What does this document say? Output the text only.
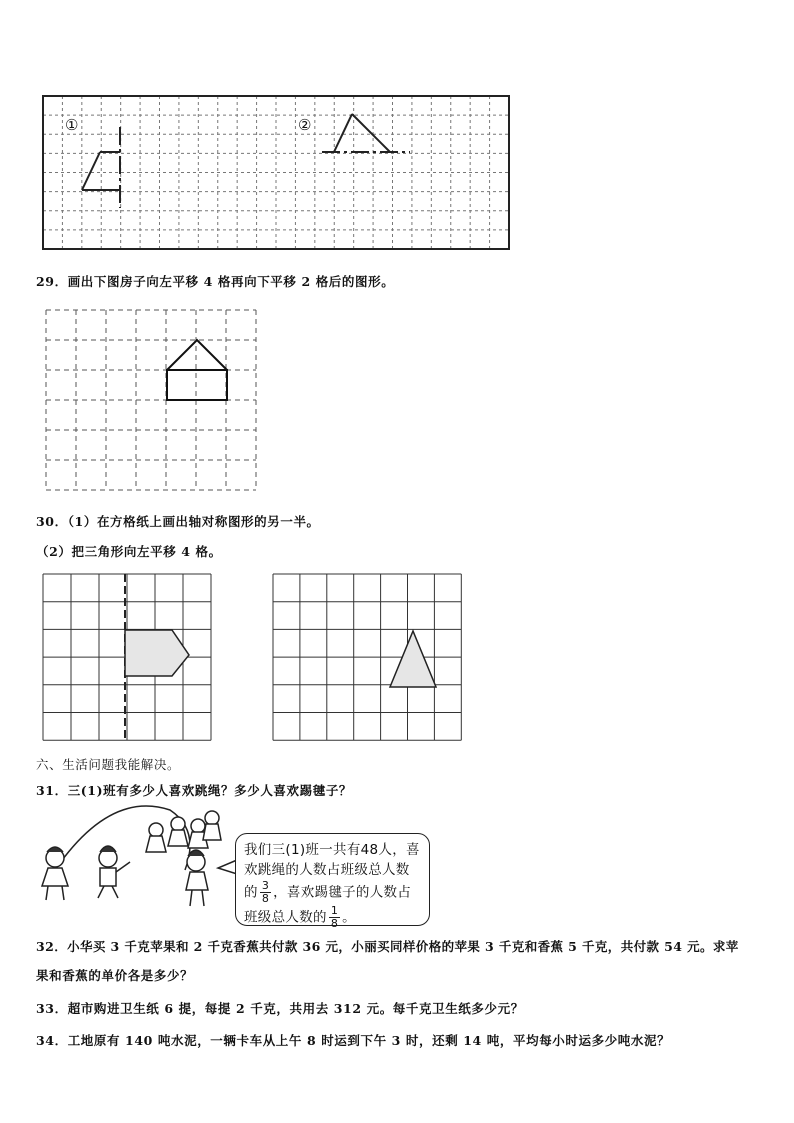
①	②
29．画出下图房子向左平移 4 格再向下平移 2 格后的图形。
30．（1）在方格纸上画出轴对称图形的另一半。
（2）把三角形向左平移 4 格。
六、生活问题我能解决。
31．三(1)班有多少人喜欢跳绳？多少人喜欢踢毽子？
我们三(1)班一共有48人，喜
欢跳绳的人数占班级总人数
的 $\frac{3}{8}$ ，喜欢踢毽子的人数占
班级总人数的 $\frac{1}{8}$ 。
32．小华买 3 千克苹果和 2 千克香蕉共付款 36 元，小丽买同样价格的苹果 3 千克和香蕉 5 千克，共付款 54 元。求苹
果和香蕉的单价各是多少？
33．超市购进卫生纸 6 提，每提 2 千克，共用去 312 元。每千克卫生纸多少元？
34．工地原有 140 吨水泥，一辆卡车从上午 8 时运到下午 3 时，还剩 14 吨，平均每小时运多少吨水泥？
